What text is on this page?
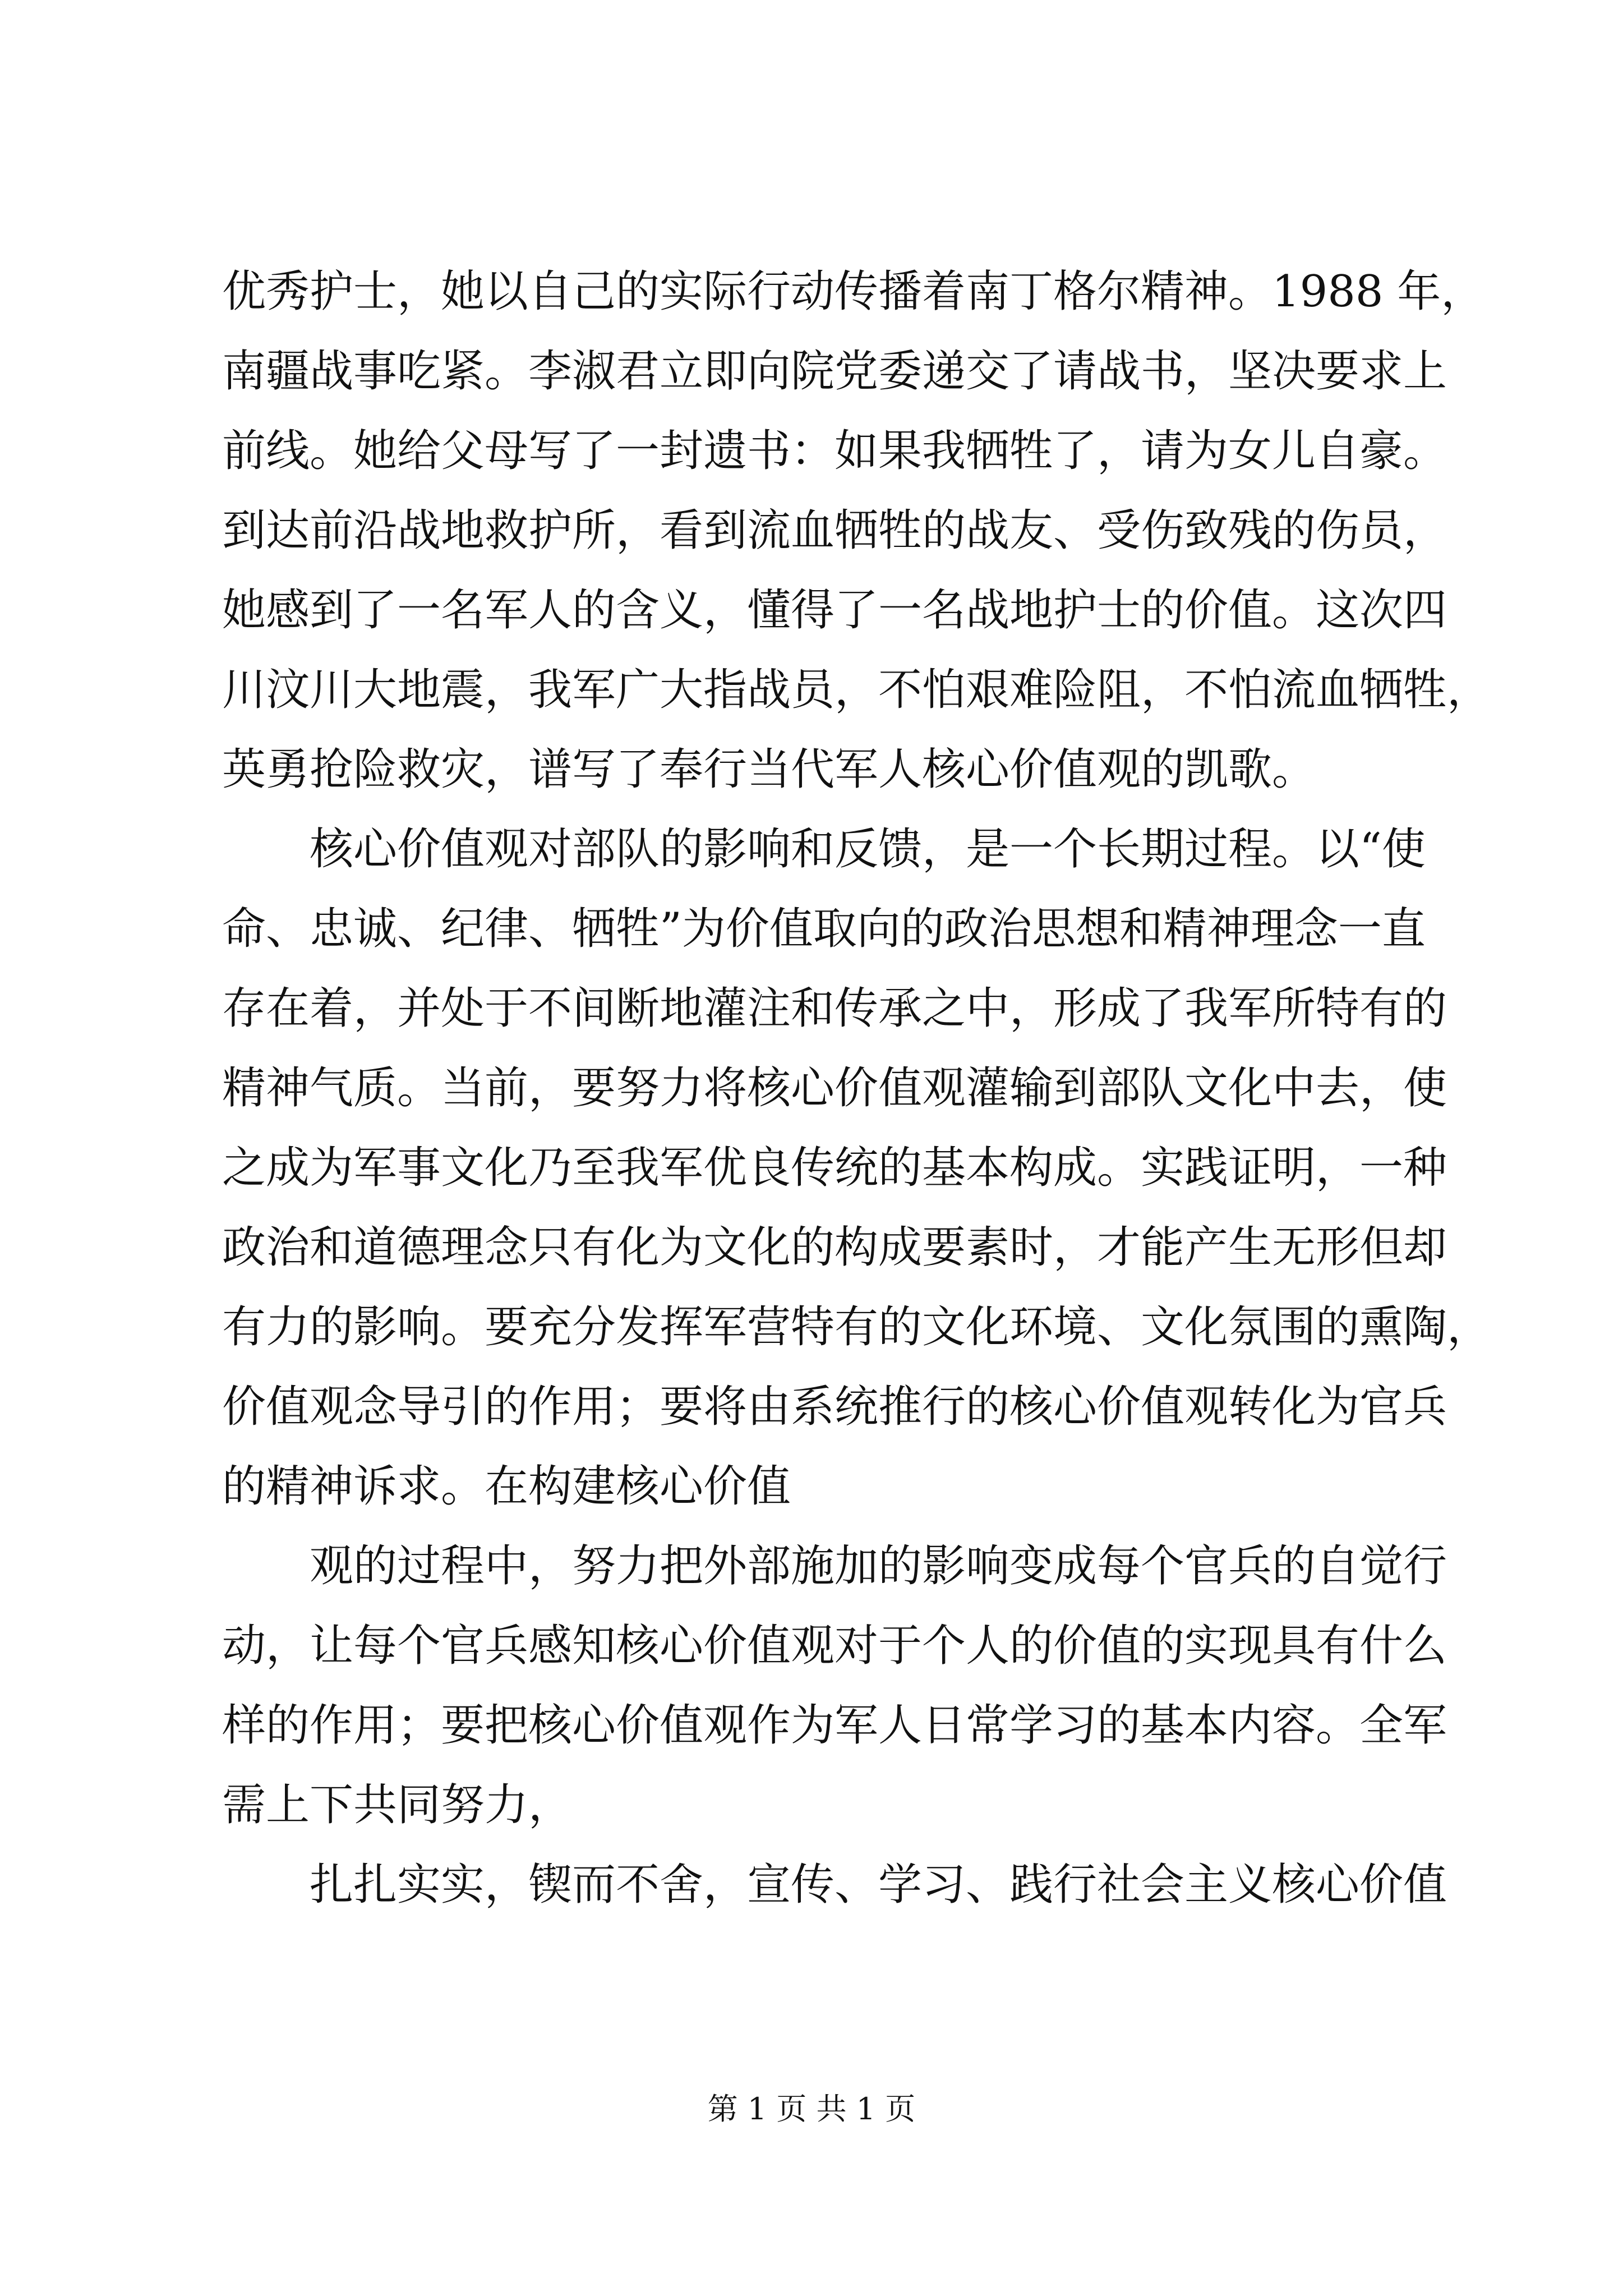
优秀护士，她以自己的实际行动传播着南丁格尔精神。1988 年，
南疆战事吃紧。李淑君立即向院党委递交了请战书，坚决要求上
前线。她给父母写了一封遗书：如果我牺牲了，请为女儿自豪。
到达前沿战地救护所，看到流血牺牲的战友、受伤致残的伤员，
她感到了一名军人的含义，懂得了一名战地护士的价值。这次四
川汶川大地震，我军广大指战员，不怕艰难险阻，不怕流血牺牲，
英勇抢险救灾，谱写了奉行当代军人核心价值观的凯歌。
核心价值观对部队的影响和反馈，是一个长期过程。以“使
命、忠诚、纪律、牺牲”为价值取向的政治思想和精神理念一直
存在着，并处于不间断地灌注和传承之中，形成了我军所特有的
精神气质。当前，要努力将核心价值观灌输到部队文化中去，使
之成为军事文化乃至我军优良传统的基本构成。实践证明，一种
政治和道德理念只有化为文化的构成要素时，才能产生无形但却
有力的影响。要充分发挥军营特有的文化环境、文化氛围的熏陶，
价值观念导引的作用；要将由系统推行的核心价值观转化为官兵
的精神诉求。在构建核心价值
观的过程中，努力把外部施加的影响变成每个官兵的自觉行
动，让每个官兵感知核心价值观对于个人的价值的实现具有什么
样的作用；要把核心价值观作为军人日常学习的基本内容。全军
需上下共同努力，
扎扎实实，锲而不舍，宣传、学习、践行社会主义核心价值
第 1 页 共 1 页
